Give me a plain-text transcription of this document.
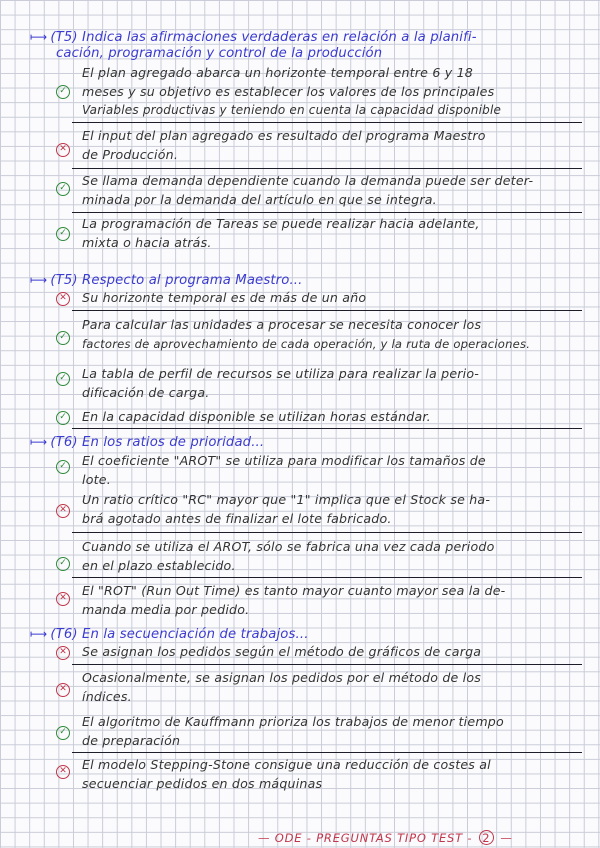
⟼ (T5) Indica las afirmaciones verdaderas en relación a la planifi-
cación, programación y control de la producción
✓
El plan agregado abarca un horizonte temporal entre 6 y 18
meses y su objetivo es establecer los valores de los principales
Variables productivas y teniendo en cuenta la capacidad disponible
✕
El input del plan agregado es resultado del programa Maestro
de Producción.
✓ Se llama demanda dependiente cuando la demanda puede ser deter-
minada por la demanda del artículo en que se integra.
✓
La programación de Tareas se puede realizar hacia adelante,
mixta o hacia atrás.
⟼ (T5) Respecto al programa Maestro...
✕ Su horizonte temporal es de más de un año
✓
Para calcular las unidades a procesar se necesita conocer los
factores de aprovechamiento de cada operación, y la ruta de operaciones.
✓ La tabla de perfil de recursos se utiliza para realizar la perio-
dificación de carga.
✓ En la capacidad disponible se utilizan horas estándar.
⟼ (T6) En los ratios de prioridad...
✓ El coeficiente "AROT" se utiliza para modificar los tamaños de
lote.
✕
Un ratio crítico "RC" mayor que "1" implica que el Stock se ha-
brá agotado antes de finalizar el lote fabricado.
✓
Cuando se utiliza el AROT, sólo se fabrica una vez cada periodo
en el plazo establecido.
✕ El "ROT" (Run Out Time) es tanto mayor cuanto mayor sea la de-
manda media por pedido.
⟼ (T6) En la secuenciación de trabajos...
✕ Se asignan los pedidos según el método de gráficos de carga
✕
Ocasionalmente, se asignan los pedidos por el método de los
índices.
✓
El algoritmo de Kauffmann prioriza los trabajos de menor tiempo
de preparación
✕ El modelo Stepping-Stone consigue una reducción de costes al
secuenciar pedidos en dos máquinas
— ODE - PREGUNTAS TIPO TEST - 2 —
